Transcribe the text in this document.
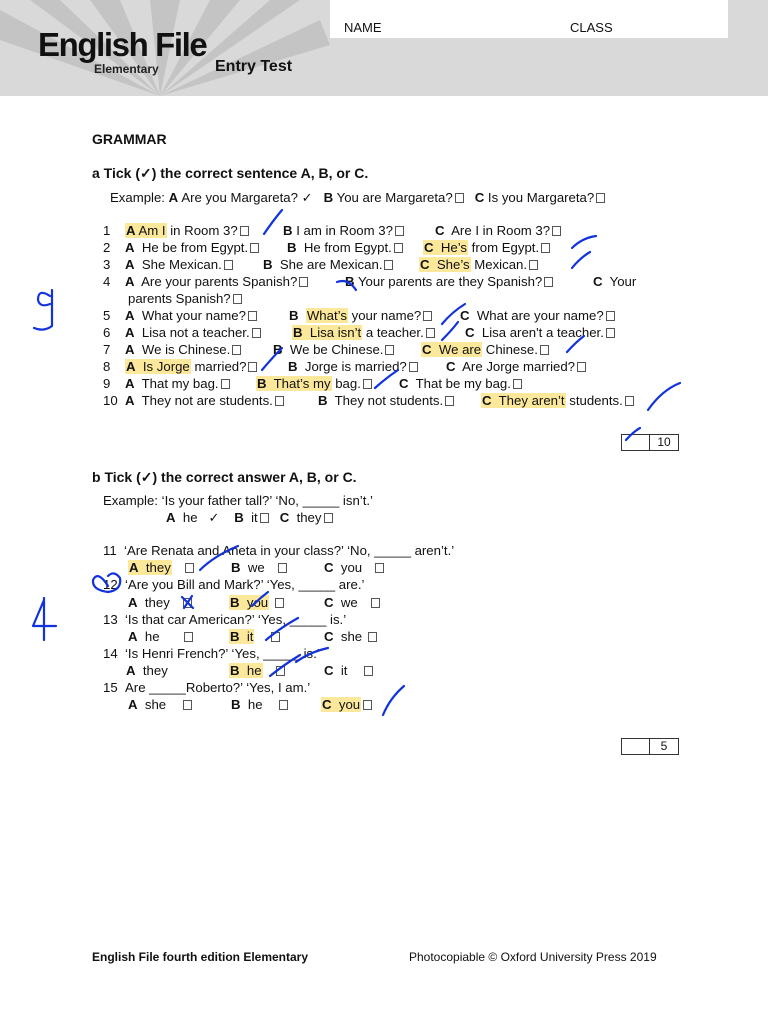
NAME	CLASS
English File
Elementary	Entry Test
GRAMMAR
a Tick (✓) the correct sentence A, B, or C.
Example: A Are you Margareta? ✓ B You are Margareta? C Is you Margareta?
1 A Am I in Room 3?	B I am in Room 3?	C Are I in Room 3?
2 A He be from Egypt.	B He from Egypt.	C  He’s from Egypt.
3 A She Mexican.	B She are Mexican.	C  She’s Mexican.
4 A Are your parents Spanish?	B Your parents are they Spanish?	C Your
parents Spanish?
5 A What your name?	B What’s your name?	C What are your name?
6 A Lisa not a teacher.	B  Lisa isn’t a teacher.	C Lisa aren't a teacher.
7 A We is Chinese.	B We be Chinese.	C  We are Chinese.
8 A  Is Jorge married?	B Jorge is married?	C Are Jorge married?
9 A That my bag.	B  That’s my bag.	C That be my bag.
10 A They not are students.	B They not students.	C  They aren’t students.
10
b Tick (✓) the correct answer A, B, or C.
Example: ‘Is your father tall?’ ‘No, _____ isn’t.’
A he ✓ B it C they
11 ‘Are Renata and Aneta in your class?’ ‘No, _____ aren’t.’
A  they	B we	C you
12 ‘Are you Bill and Mark?’ ‘Yes, _____ are.’
A they	B  you	C we
13 ‘Is that car American?’ ‘Yes, _____ is.’
A he	B  it	C she
14 ‘Is Henri French?’ ‘Yes, _____ is.’
A they	B  he	C it
15 Are _____Roberto?’ ‘Yes, I am.’
A she	B he	C  you
5
English File fourth edition Elementary	Photocopiable © Oxford University Press 2019
